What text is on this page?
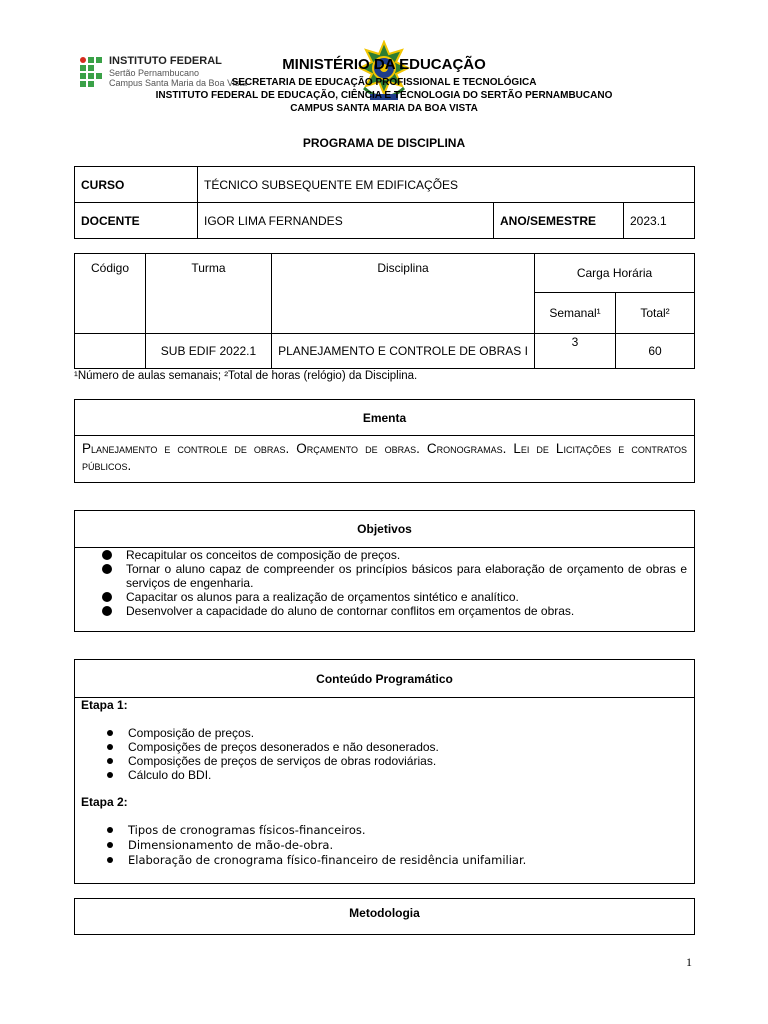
INSTITUTO FEDERAL
Sertão Pernambucano
Campus Santa Maria da Boa Vista
MINISTÉRIO DA EDUCAÇÃO
SECRETARIA DE EDUCAÇÃO PROFISSIONAL E TECNOLÓGICA
INSTITUTO FEDERAL DE EDUCAÇÃO, CIÊNCIA E TECNOLOGIA DO SERTÃO PERNAMBUCANO
CAMPUS SANTA MARIA DA BOA VISTA
PROGRAMA DE DISCIPLINA
CURSO	TÉCNICO SUBSEQUENTE EM EDIFICAÇÕES		
DOCENTE	IGOR LIMA FERNANDES	ANO/SEMESTRE	2023.1
Código	Turma	Disciplina	Carga Horária	
			Semanal¹	Total²
	SUB EDIF 2022.1	PLANEJAMENTO E CONTROLE DE OBRAS I	3	60
¹Número de aulas semanais; ²Total de horas (relógio) da Disciplina.
Ementa
Planejamento e controle de obras. Orçamento de obras. Cronogramas. Lei de Licitações e contratos públicos.
Objetivos
Recapitular os conceitos de composição de preços.
Tornar o aluno capaz de compreender os princípios básicos para elaboração de orçamento de obras e serviços de engenharia.
Capacitar os alunos para a realização de orçamentos sintético e analítico.
Desenvolver a capacidade do aluno de contornar conflitos em orçamentos de obras.
Conteúdo Programático
Etapa 1:
Composição de preços.
Composições de preços desonerados e não desonerados.
Composições de preços de serviços de obras rodoviárias.
Cálculo do BDI.
Etapa 2:
Tipos de cronogramas físicos-financeiros.
Dimensionamento de mão-de-obra.
Elaboração de cronograma físico-financeiro de residência unifamiliar.
Metodologia
1
